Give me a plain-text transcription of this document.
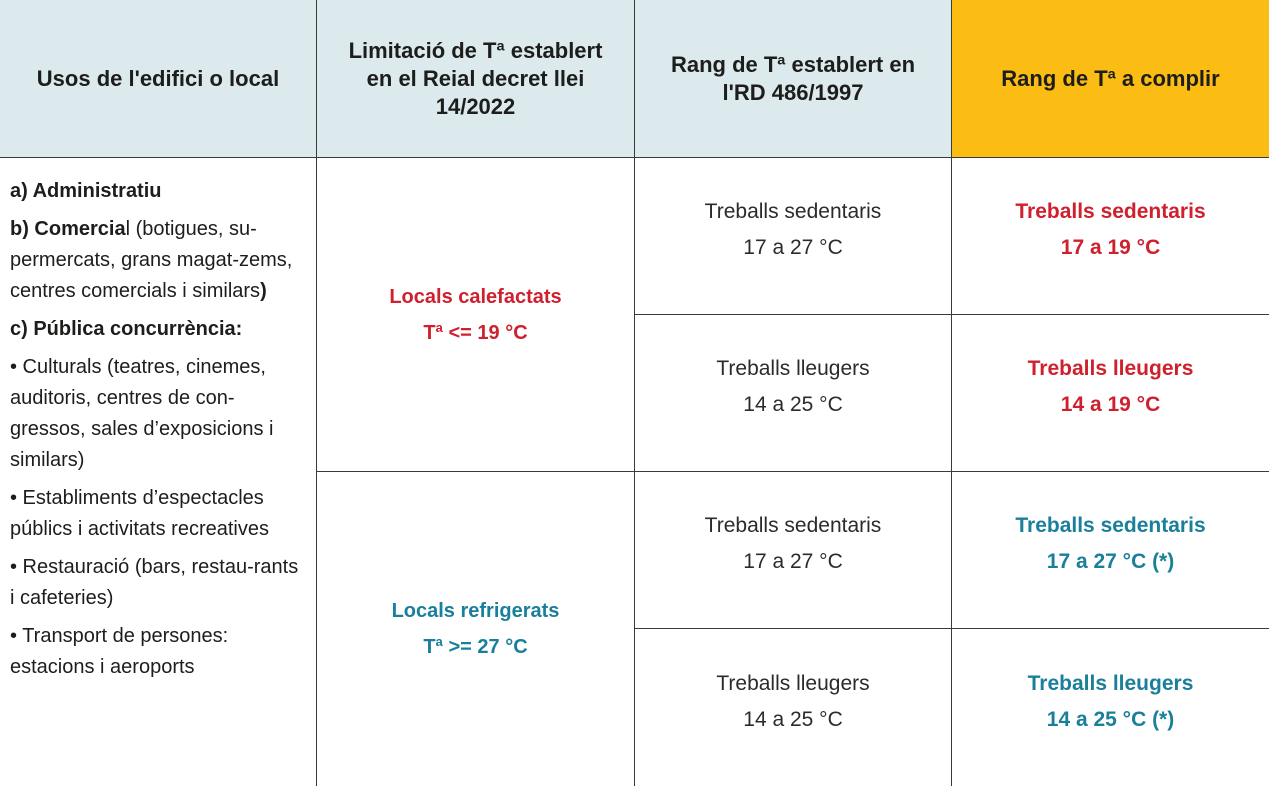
Usos de l'edifici o local
Limitació de Tª establert en el Reial decret llei 14/2022
Rang de Tª establert en l'RD 486/1997
Rang de Tª a complir

a) Administratiu

b) Comercial (botigues, su-permercats, grans magat-zems, centres comercials i similars)

c) Pública concurrència:

• Culturals (teatres, cinemes, auditoris, centres de con-gressos, sales d’exposicions i similars)

• Establiments d’espectacles públics i activitats recreatives

• Restauració (bars, restau-rants i cafeteries)

• Transport de persones: estacions i aeroports

Locals calefactats
Tª <= 19 °C
Locals refrigerats
Tª >= 27 °C
Treballs sedentaris
17 a 27 °C
Treballs lleugers
14 a 25 °C
Treballs sedentaris
17 a 27 °C
Treballs lleugers
14 a 25 °C
Treballs sedentaris
17 a 19 °C
Treballs lleugers
14 a 19 °C
Treballs sedentaris
17 a 27 °C (*)
Treballs lleugers
14 a 25 °C (*)
